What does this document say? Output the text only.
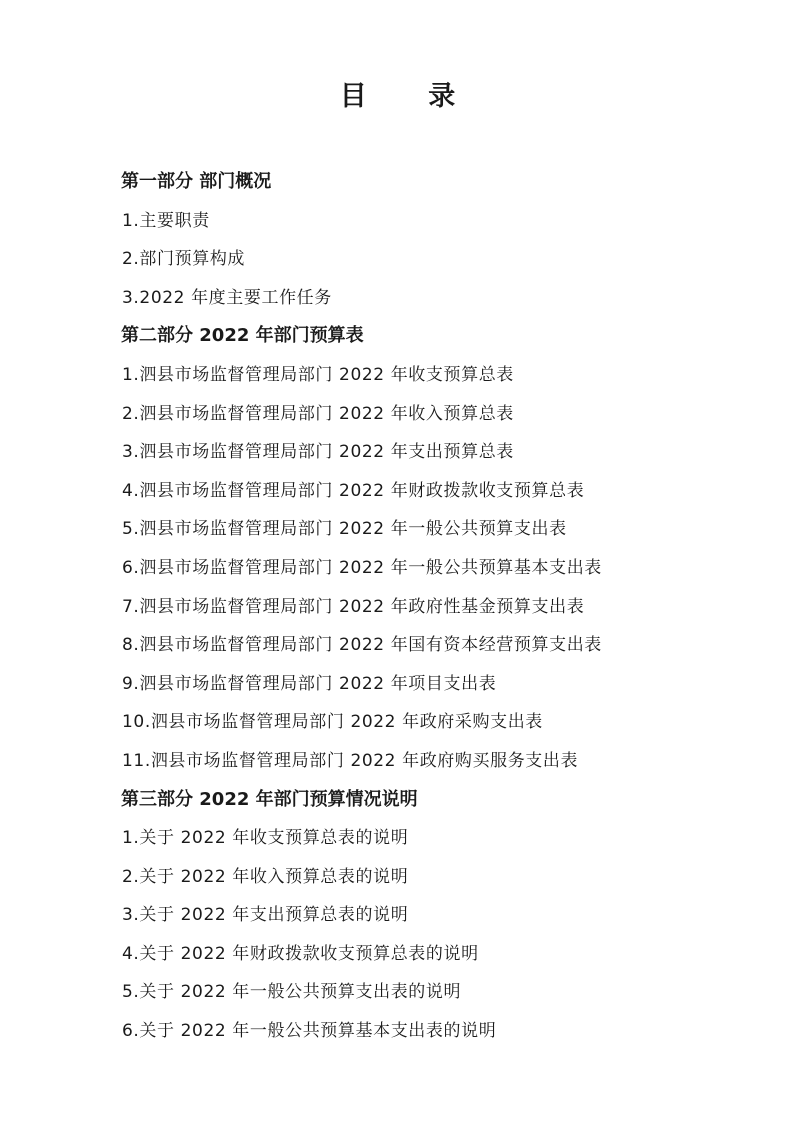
目 录
第一部分 部门概况
1.主要职责
2.部门预算构成
3.2022 年度主要工作任务
第二部分 2022 年部门预算表
1.泗县市场监督管理局部门 2022 年收支预算总表
2.泗县市场监督管理局部门 2022 年收入预算总表
3.泗县市场监督管理局部门 2022 年支出预算总表
4.泗县市场监督管理局部门 2022 年财政拨款收支预算总表
5.泗县市场监督管理局部门 2022 年一般公共预算支出表
6.泗县市场监督管理局部门 2022 年一般公共预算基本支出表
7.泗县市场监督管理局部门 2022 年政府性基金预算支出表
8.泗县市场监督管理局部门 2022 年国有资本经营预算支出表
9.泗县市场监督管理局部门 2022 年项目支出表
10.泗县市场监督管理局部门 2022 年政府采购支出表
11.泗县市场监督管理局部门 2022 年政府购买服务支出表
第三部分 2022 年部门预算情况说明
1.关于 2022 年收支预算总表的说明
2.关于 2022 年收入预算总表的说明
3.关于 2022 年支出预算总表的说明
4.关于 2022 年财政拨款收支预算总表的说明
5.关于 2022 年一般公共预算支出表的说明
6.关于 2022 年一般公共预算基本支出表的说明
